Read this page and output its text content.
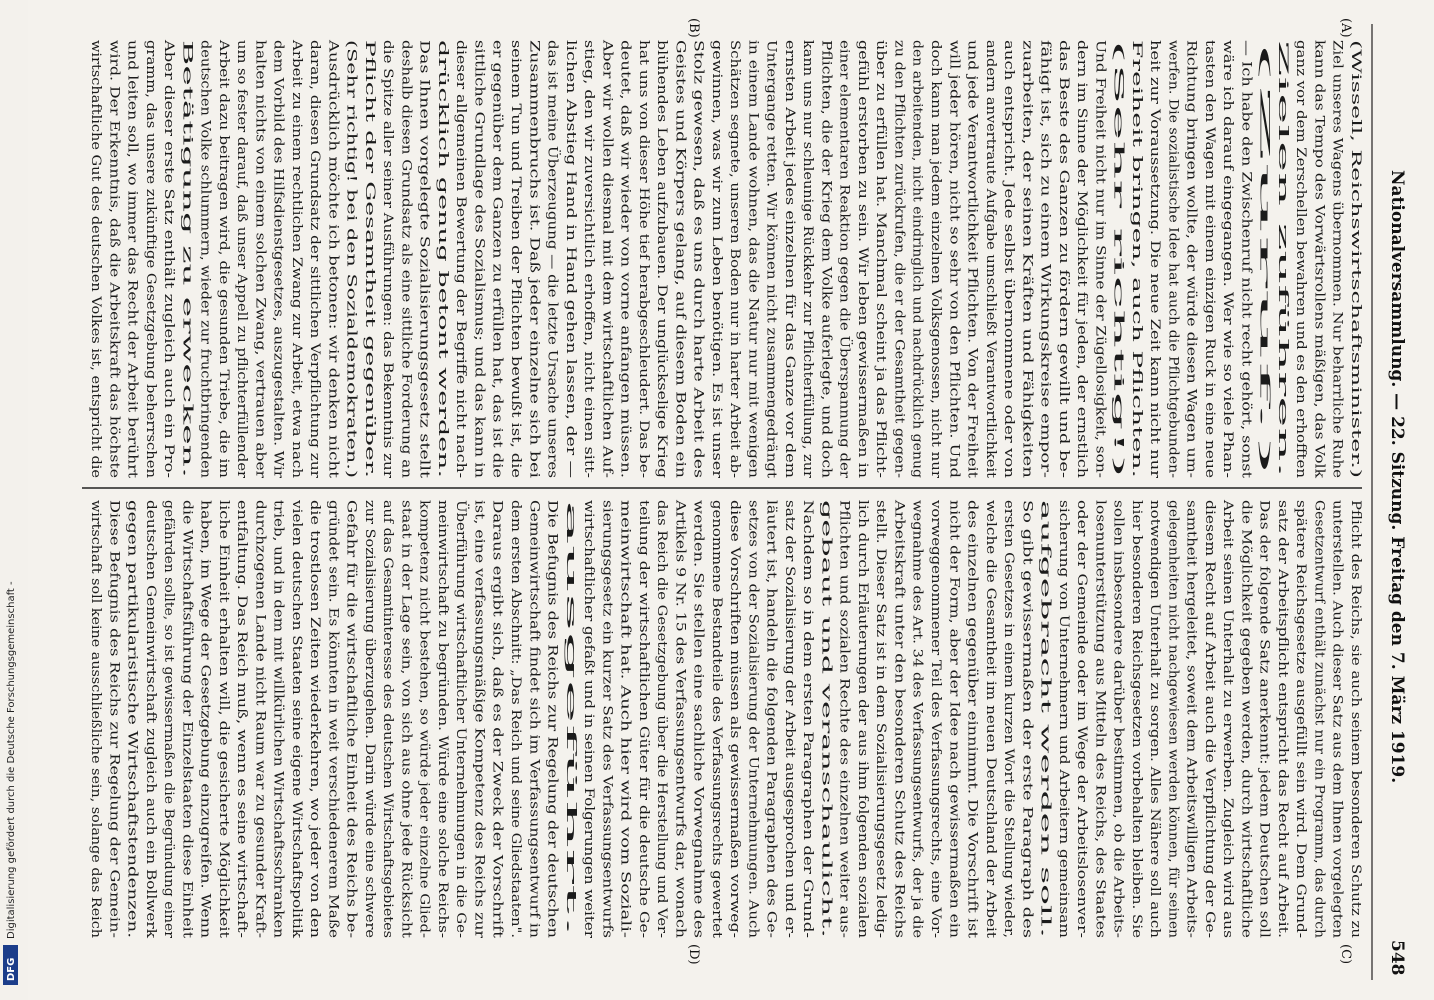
Nationalversammlung. — 22. Sitzung. Freitag den 7. März 1919.
548
(A)
(B)
(C)
(D)
(Wissell, Reichswirtschaftsminister.)
Ziel unseres Wagens übernommen. Nur beharrliche Ruhe
kann das Tempo des Vorwärtsrollens mäßigen, das Volk
ganz vor dem Zerschellen bewahren und es den erhofften
Zielen zuführen.
(Zuruf.)
— Ich habe den Zwischenruf nicht recht gehört, sonst
wäre ich darauf eingegangen. Wer wie so viele Phan-
tasten den Wagen mit einem einzigen Ruck in eine neue
Richtung bringen wollte, der würde diesen Wagen um-
werfen. Die sozialistische Idee hat auch die Pflichtgebunden-
heit zur Voraussetzung. Die neue Zeit kann nicht nur
Freiheit bringen, auch Pflichten.
(Sehr richtig!)
Und Freiheit nicht nur im Sinne der Zügellosigkeit, son-
dern im Sinne der Möglichkeit für jeden, der ernstlich
das Beste des Ganzen zu fördern gewillt und be-
fähigt ist, sich zu einem Wirkungskreise empor-
zuarbeiten, der seinen Kräften und Fähigkeiten
auch entspricht. Jede selbst übernommene oder von
andern anvertraute Aufgabe umschließt Verantwortlichkeit
und jede Verantwortlichkeit Pflichten. Von der Freiheit
will jeder hören, nicht so sehr von den Pflichten. Und
doch kann man jedem einzelnen Volksgenossen, nicht nur
den arbeitenden, nicht eindringlich und nachdrücklich genug
zu den Pflichten zurückrufen, die er der Gesamtheit gegen-
über zu erfüllen hat. Manchmal scheint ja das Pflicht-
gefühl erstorben zu sein. Wir leben gewissermaßen in
einer elementaren Reaktion gegen die Überspannung der
Pflichten, die der Krieg dem Volke auferlegte, und doch
kann uns nur schleunige Rückkehr zur Pflichterfüllung, zur
ernsten Arbeit jedes einzelnen für das Ganze vor dem
Untergange retten. Wir können nicht zusammengedrängt
in einem Lande wohnen, das die Natur nur mit wenigen
Schätzen segnete, unseren Boden nur in harter Arbeit ab-
gewinnen, was wir zum Leben benötigen. Es ist unser
Stolz gewesen, daß es uns durch harte Arbeit des
Geistes und Körpers gelang, auf diesem Boden ein
blühendes Leben aufzubauen. Der unglückselige Krieg
hat uns von dieser Höhe tief herabgeschleudert. Das be-
deutet, daß wir wieder von vorne anfangen müssen.
Aber wir wollen diesmal mit dem wirtschaftlichen Auf-
stieg, den wir zuversichtlich erhoffen, nicht einen sitt-
lichen Abstieg Hand in Hand gehen lassen, der —
das ist meine Überzeugung — die letzte Ursache unseres
Zusammenbruchs ist. Daß jeder einzelne sich bei
seinem Tun und Treiben der Pflichten bewußt ist, die
er gegenüber dem Ganzen zu erfüllen hat, das ist die
sittliche Grundlage des Sozialismus; und das kann in
dieser allgemeinen Bewertung der Begriffe nicht nach-
drücklich genug betont werden.
Das Ihnen vorgelegte Sozialisierungsgesetz stellt
deshalb diesen Grundsatz als eine sittliche Forderung an
die Spitze aller seiner Ausführungen: das Bekenntnis zur
Pflicht der Gesamtheit gegenüber.
(Sehr richtig! bei den Sozialdemokraten.)
Ausdrücklich möchte ich betonen: wir denken nicht
daran, diesen Grundsatz der sittlichen Verpflichtung zur
Arbeit zu einem rechtlichen Zwang zur Arbeit, etwa nach
dem Vorbild des Hilfsdienstgesetzes, auszugestalten. Wir
halten nichts von einem solchen Zwang, vertrauen aber
um so fester darauf, daß unser Appell zu pflichterfüllender
Arbeit dazu beitragen wird, die gesunden Triebe, die im
deutschen Volke schlummern, wieder zur fruchtbringenden
Betätigung zu erwecken.
Aber dieser erste Satz enthält zugleich auch ein Pro-
gramm, das unsere zukünftige Gesetzgebung beherrschen
und leiten soll, wo immer das Recht der Arbeit berührt
wird. Der Erkenntnis, daß die Arbeitskraft das höchste
wirtschaftliche Gut des deutschen Volkes ist, entspricht die
Pflicht des Reichs, sie auch seinem besonderen Schutz zu
unterstellen. Auch dieser Satz aus dem Ihnen vorgelegten
Gesetzentwurf enthält zunächst nur ein Programm, das durch
spätere Reichsgesetze ausgefüllt sein wird. Dem Grund-
satz der Arbeitspflicht entspricht das Recht auf Arbeit.
Das der folgende Satz anerkennt: jedem Deutschen soll
die Möglichkeit gegeben werden, durch wirtschaftliche
Arbeit seinen Unterhalt zu erwerben. Zugleich wird aus
diesem Recht auf Arbeit auch die Verpflichtung der Ge-
samtheit hergeleitet, soweit dem Arbeitswilligen Arbeits-
gelegenheiten nicht nachgewiesen werden können, für seinen
notwendigen Unterhalt zu sorgen. Alles Nähere soll auch
hier besonderen Reichsgesetzen vorbehalten bleiben. Sie
sollen insbesondere darüber bestimmen, ob die Arbeits-
losenunterstützung aus Mitteln des Reichs, des Staates
oder der Gemeinde oder im Wege der Arbeitslosenver-
sicherung von Unternehmern und Arbeitern gemeinsam
aufgebracht werden soll.
So gibt gewissermaßen der erste Paragraph des
ersten Gesetzes in einem kurzen Wort die Stellung wieder,
welche die Gesamtheit im neuen Deutschland der Arbeit
des einzelnen gegenüber einnimmt. Die Vorschrift ist
nicht der Form, aber der Idee nach gewissermaßen ein
vorweggenommener Teil des Verfassungsrechts, eine Vor-
wegnahme des Art. 34 des Verfassungsentwurfs, der ja die
Arbeitskraft unter den besonderen Schutz des Reichs
stellt. Dieser Satz ist in dem Sozialisierungsgesetz ledig-
lich durch Erläuterungen der aus ihm folgenden sozialen
Pflichten und sozialen Rechte des einzelnen weiter aus-
gebaut und veranschaulicht.
Nachdem so in dem ersten Paragraphen der Grund-
satz der Sozialisierung der Arbeit ausgesprochen und er-
läutert ist, handeln die folgenden Paragraphen des Ge-
setzes von der Sozialisierung der Unternehmungen. Auch
diese Vorschriften müssen als gewissermaßen vorweg-
genommene Bestandteile des Verfassungsrechts gewertet
werden. Sie stellen eine sachliche Vorwegnahme des
Artikels 9 Nr. 15 des Verfassungsentwurfs dar, wonach
das Reich die Gesetzgebung über die Herstellung und Ver-
teilung der wirtschaftlichen Güter für die deutsche Ge-
meinwirtschaft hat. Auch hier wird vom Soziali-
sierungsgesetz ein kurzer Satz des Verfassungsentwurfs
wirtschaftlicher gefaßt und in seinen Folgerungen weiter
ausgeführt.
Die Befugnis des Reichs zur Regelung der deutschen
Gemeinwirtschaft findet sich im Verfassungsentwurf in
dem ersten Abschnitt: „Das Reich und seine Gliedstaaten".
Daraus ergibt sich, daß es der Zweck der Vorschrift
ist, eine verfassungsmäßige Kompetenz des Reichs zur
Überführung wirtschaftlicher Unternehmungen in die Ge-
meinwirtschaft zu begründen. Würde eine solche Reichs-
kompetenz nicht bestehen, so würde jeder einzelne Glied-
staat in der Lage sein, von sich aus ohne jede Rücksicht
auf das Gesamtinteresse des deutschen Wirtschaftsgebietes
zur Sozialisierung überzugehen. Darin würde eine schwere
Gefahr für die wirtschaftliche Einheit des Reichs be-
gründet sein. Es könnten in weit verschiedenerem Maße
die trostlosen Zeiten wiederkehren, wo jeder von den
vielen deutschen Staaten seine eigene Wirtschaftspolitik
trieb, und in dem mit willkürlichen Wirtschaftsschranken
durchzogenen Lande nicht Raum war zu gesunder Kraft-
entfaltung. Das Reich muß, wenn es seine wirtschaft-
liche Einheit erhalten will, die gesicherte Möglichkeit
haben, im Wege der Gesetzgebung einzugreifen. Wenn
die Wirtschaftsführung der Einzelstaaten diese Einheit
gefährden sollte, so ist gewissermaßen die Begründung einer
deutschen Gemeinwirtschaft zugleich auch ein Bollwerk
gegen partikularistische Wirtschaftstendenzen.
Diese Befugnis des Reichs zur Regelung der Gemein-
wirtschaft soll keine ausschließliche sein, solange das Reich
DFG
Digitalisierung gefördert durch die Deutsche Forschungsgemeinschaft -
